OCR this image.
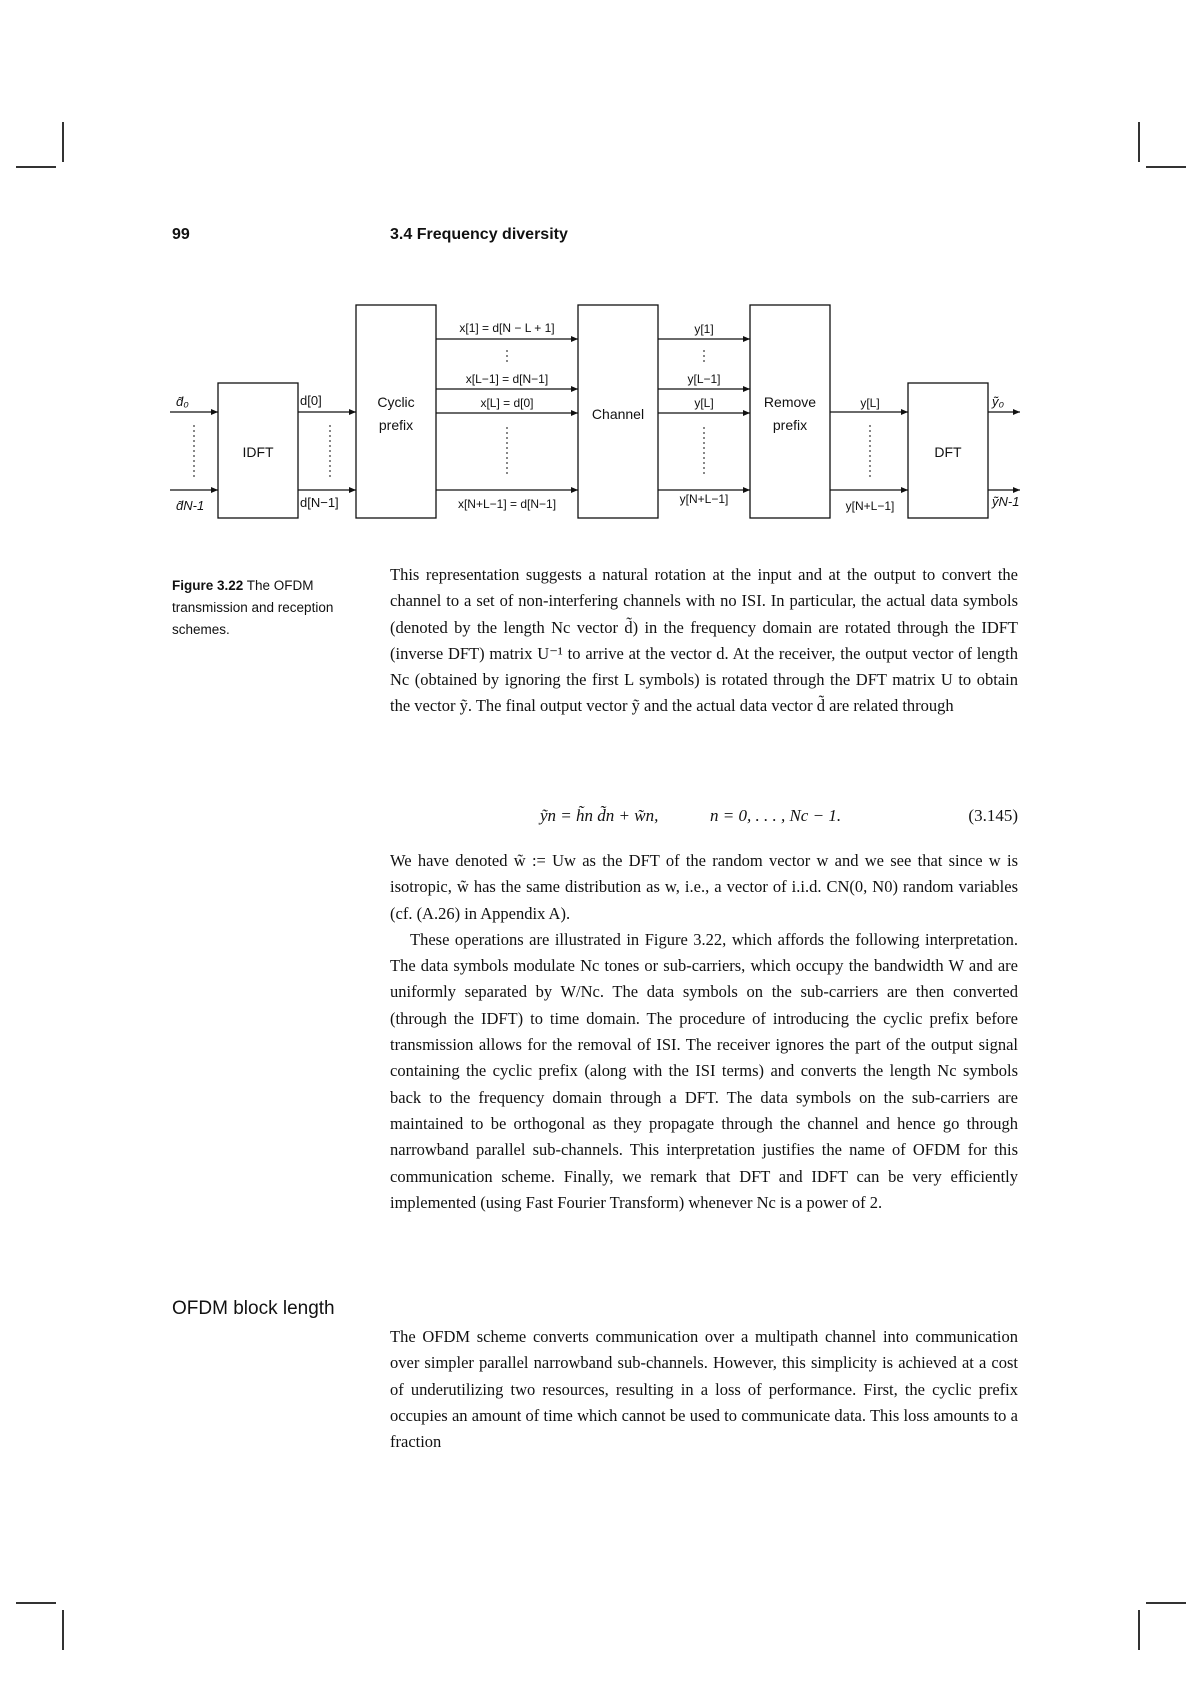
99	3.4 Frequency diversity
d̃₀
d̃N-1
IDFT
d[0]
d[N−1]
Cyclic
prefix
x[1] = d[N − L + 1]
x[L−1] = d[N−1]
x[L] = d[0]
x[N+L−1] = d[N−1]
Channel
y[1]
y[L−1]
y[L]
y[N+L−1]
Remove
prefix
y[L]
y[N+L−1]
DFT
ỹ₀
ỹN-1
Figure 3.22 The OFDM transmission and reception schemes.

This representation suggests a natural rotation at the input and at the output to convert the channel to a set of non-interfering channels with no ISI. In particular, the actual data symbols (denoted by the length Nc vector d̃) in the frequency domain are rotated through the IDFT (inverse DFT) matrix U⁻¹ to arrive at the vector d. At the receiver, the output vector of length Nc (obtained by ignoring the first L symbols) is rotated through the DFT matrix U to obtain the vector ỹ. The final output vector ỹ and the actual data vector d̃ are related through

ỹn = h̃n d̃n + w̃n,	n = 0, . . . , Nc − 1.	(3.145)

We have denoted w̃ := Uw as the DFT of the random vector w and we see that since w is isotropic, w̃ has the same distribution as w, i.e., a vector of i.i.d. CN(0, N0) random variables (cf. (A.26) in Appendix A).

These operations are illustrated in Figure 3.22, which affords the following interpretation. The data symbols modulate Nc tones or sub-carriers, which occupy the bandwidth W and are uniformly separated by W/Nc. The data symbols on the sub-carriers are then converted (through the IDFT) to time domain. The procedure of introducing the cyclic prefix before transmission allows for the removal of ISI. The receiver ignores the part of the output signal containing the cyclic prefix (along with the ISI terms) and converts the length Nc symbols back to the frequency domain through a DFT. The data symbols on the sub-carriers are maintained to be orthogonal as they propagate through the channel and hence go through narrowband parallel sub-channels. This interpretation justifies the name of OFDM for this communication scheme. Finally, we remark that DFT and IDFT can be very efficiently implemented (using Fast Fourier Transform) whenever Nc is a power of 2.

OFDM block length

The OFDM scheme converts communication over a multipath channel into communication over simpler parallel narrowband sub-channels. However, this simplicity is achieved at a cost of underutilizing two resources, resulting in a loss of performance. First, the cyclic prefix occupies an amount of time which cannot be used to communicate data. This loss amounts to a fraction
